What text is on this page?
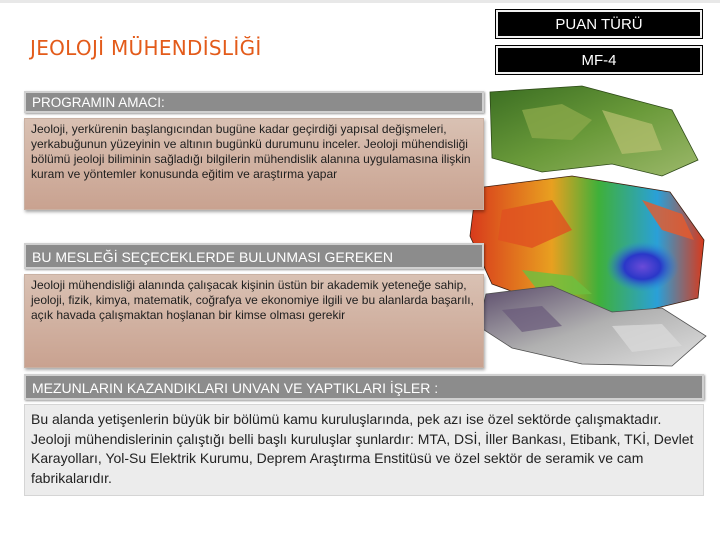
JEOLOJİ MÜHENDİSLİĞİ
PUAN TÜRÜ
MF-4
PROGRAMIN AMACI:
Jeoloji, yerkürenin başlangıcından bugüne kadar geçirdiği yapısal değişmeleri, yerkabuğunun yüzeyinin ve altının bugünkü durumunu inceler. Jeoloji mühendisliği bölümü jeoloji biliminin sağladığı bilgilerin mühendislik alanına uygulamasına ilişkin kuram ve yöntemler konusunda eğitim ve araştırma yapar
BU MESLEĞİ SEÇECEKLERDE BULUNMASI GEREKEN
Jeoloji mühendisliği alanında çalışacak kişinin üstün bir akademik yeteneğe sahip, jeoloji, fizik, kimya, matematik, coğrafya ve ekonomiye ilgili ve bu alanlarda başarılı, açık havada çalışmaktan hoşlanan bir kimse olması gerekir
MEZUNLARIN KAZANDIKLARI UNVAN VE YAPTIKLARI İŞLER :
Bu alanda yetişenlerin büyük bir bölümü kamu kuruluşlarında, pek azı ise özel sektörde çalışmaktadır. Jeoloji mühendislerinin çalıştığı belli başlı kuruluşlar şunlardır: MTA, DSİ, İller Bankası, Etibank, TKİ, Devlet Karayolları, Yol-Su Elektrik Kurumu, Deprem Araştırma Enstitüsü ve özel sektör de seramik ve cam fabrikalarıdır.
